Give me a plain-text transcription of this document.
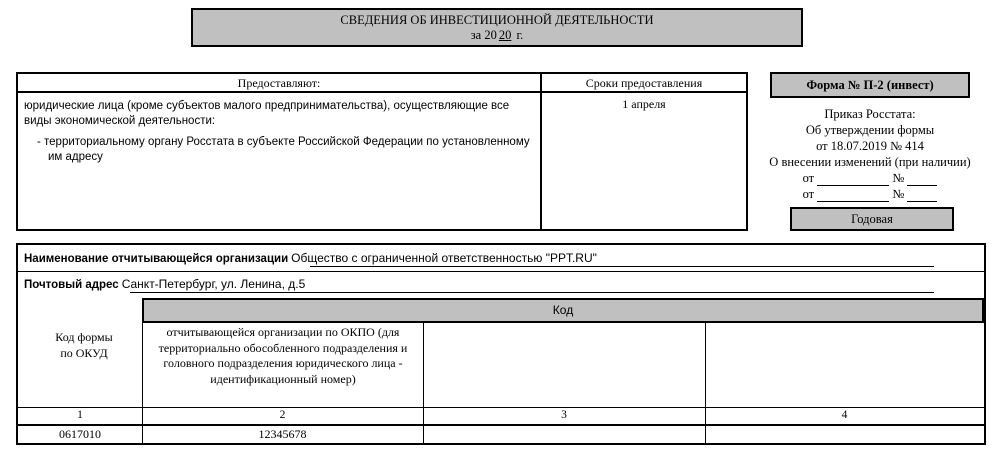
СВЕДЕНИЯ ОБ ИНВЕСТИЦИОННОЙ ДЕЯТЕЛЬНОСТИ
за 20 20 г.
Предоставляют:	Сроки предоставления
юридические лица (кроме субъектов малого предпринимательства), осуществляющие все виды экономической деятельности:
- территориальному органу Росстата в субъекте Российской Федерации по установленному им адресу
1 апреля
Форма № П-2 (инвест)
Приказ Росстата:
Об утверждении формы
от 18.07.2019 № 414
О внесении изменений (при наличии)
от	№
от	№
Годовая
Наименование отчитывающейся организации Общество с ограниченной ответственностью "PPT.RU"
Почтовый адрес Санкт-Петербург, ул. Ленина, д.5
Код
Код формы по ОКУД
отчитывающейся организации по ОКПО (для территориально обособленного подразделения и головного подразделения юридического лица - идентификационный номер)
1	2	3	4
0617010	12345678
